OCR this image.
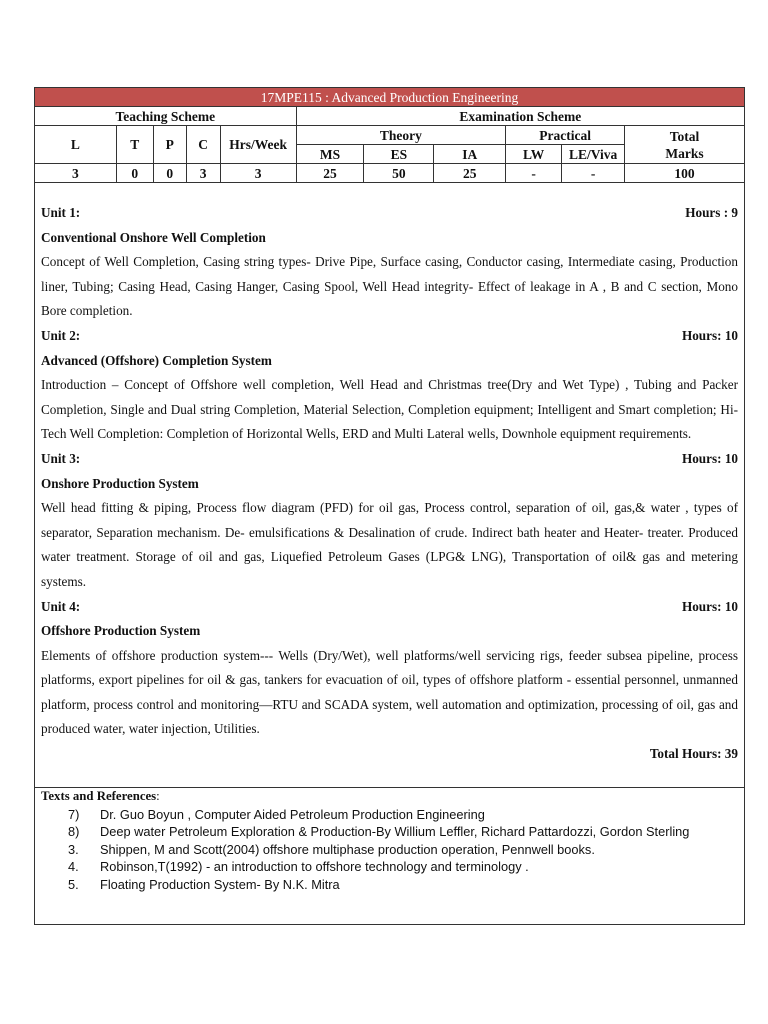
17MPE115 : Advanced Production Engineering										
Teaching Scheme					Examination Scheme					
L	T	P	C	Hrs/Week	Theory			Practical		Total
Marks

					MS	ES	IA	LW	LE/Viva	
3	0	0	3	3	25	50	25	-	-	100
Unit 1:	Hours : 9
Conventional Onshore Well Completion
Concept of Well Completion, Casing string types- Drive Pipe, Surface casing, Conductor casing, Intermediate casing, Production liner, Tubing; Casing Head, Casing Hanger, Casing Spool, Well Head integrity- Effect of leakage in A , B and C section, Mono Bore completion.
Unit 2:	Hours: 10
Advanced (Offshore) Completion System
Introduction – Concept of Offshore well completion, Well Head and Christmas tree(Dry and Wet Type) , Tubing and Packer Completion, Single and Dual string Completion, Material Selection, Completion equipment; Intelligent and Smart completion; Hi-Tech Well Completion: Completion of Horizontal Wells, ERD and Multi Lateral wells, Downhole equipment requirements.
Unit 3:	Hours: 10
Onshore Production System
Well head fitting & piping, Process flow diagram (PFD) for oil gas, Process control, separation of oil, gas,& water , types of separator, Separation mechanism. De- emulsifications & Desalination of crude. Indirect bath heater and Heater- treater. Produced water treatment. Storage of oil and gas, Liquefied Petroleum Gases (LPG& LNG), Transportation of oil& gas and metering systems.
Unit 4:	Hours: 10
Offshore Production System
Elements of offshore production system--- Wells (Dry/Wet), well platforms/well servicing rigs, feeder subsea pipeline, process platforms, export pipelines for oil & gas, tankers for evacuation of oil, types of offshore platform - essential personnel, unmanned platform, process control and monitoring—RTU and SCADA system, well automation and optimization, processing of oil, gas and produced water, water injection, Utilities.
Total Hours: 39
Texts and References:
7)	Dr. Guo Boyun , Computer Aided Petroleum Production Engineering
8)	Deep water Petroleum Exploration & Production-By Willium Leffler, Richard Pattardozzi, Gordon Sterling
3.	Shippen, M and Scott(2004) offshore multiphase production operation, Pennwell books.
4.	Robinson,T(1992) - an introduction to offshore technology and terminology .
5.	Floating Production System- By N.K. Mitra
